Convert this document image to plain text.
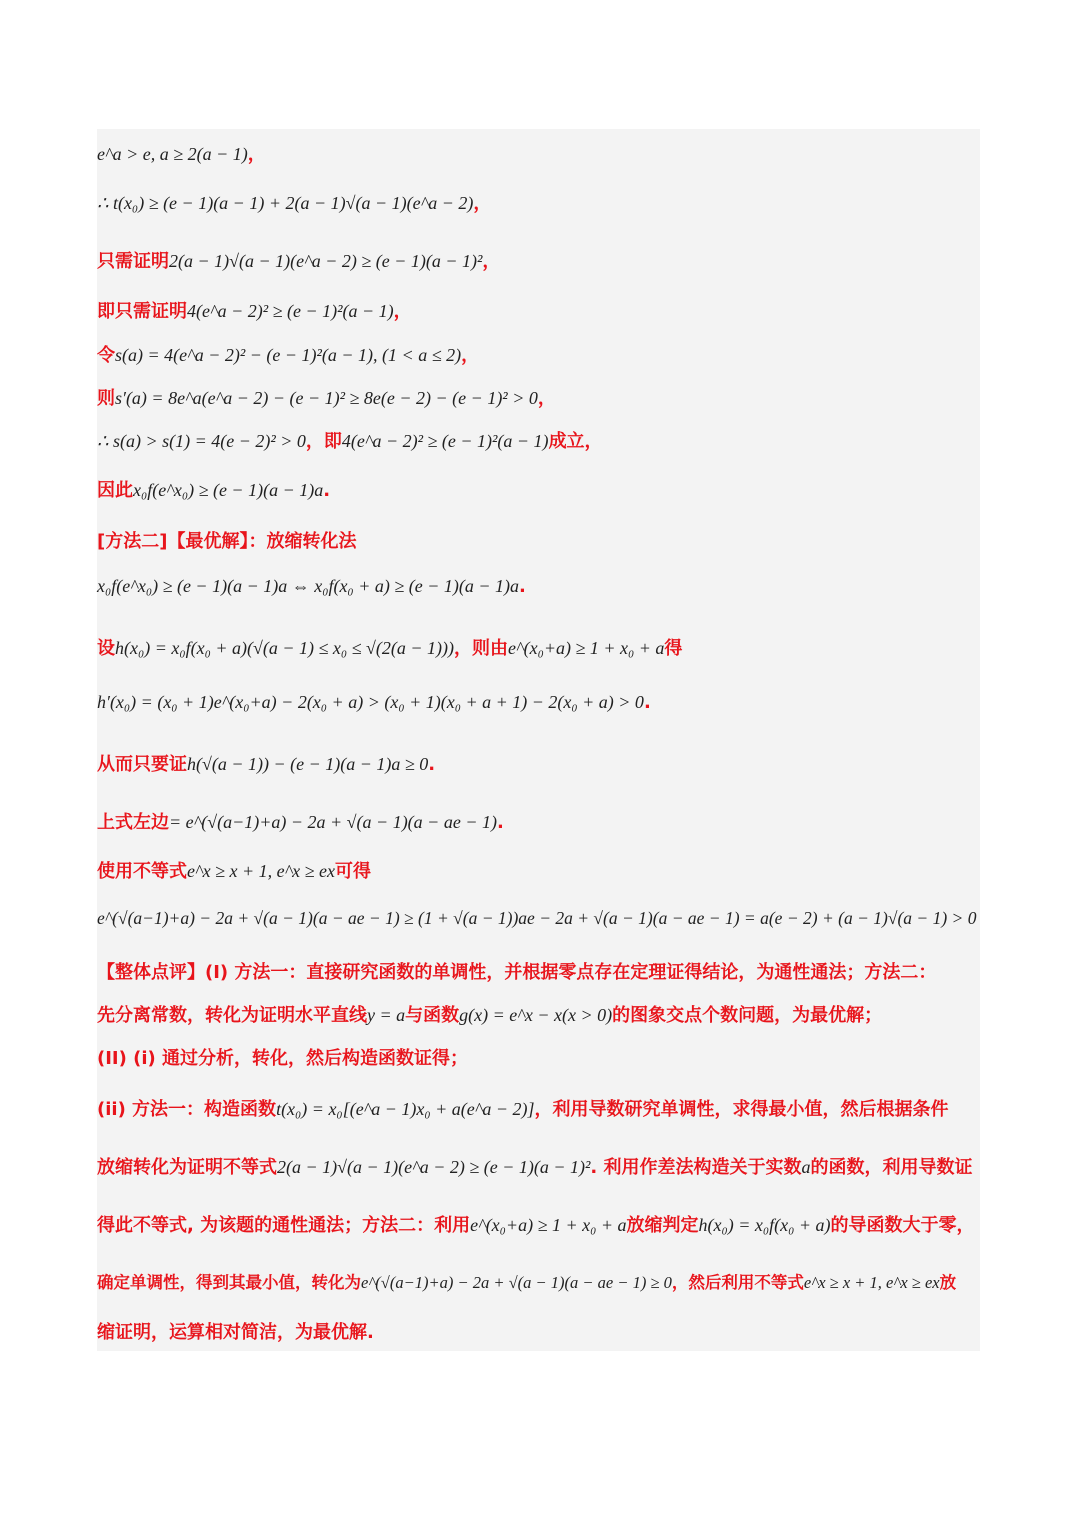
e^a > e, a ≥ 2(a − 1)，
∴ t(x₀) ≥ (e − 1)(a − 1) + 2(a − 1)√(a − 1)(e^a − 2)，
只需证明2(a − 1)√(a − 1)(e^a − 2) ≥ (e − 1)(a − 1)²，
即只需证明4(e^a − 2)² ≥ (e − 1)²(a − 1)，
令s(a) = 4(e^a − 2)² − (e − 1)²(a − 1), (1 < a ≤ 2)，
则s′(a) = 8e^a(e^a − 2) − (e − 1)² ≥ 8e(e − 2) − (e − 1)² > 0，
∴ s(a) > s(1) = 4(e − 2)² > 0，即4(e^a − 2)² ≥ (e − 1)²(a − 1)成立，
因此x₀f(e^x₀) ≥ (e − 1)(a − 1)a.
[方法二]【最优解】：放缩转化法
x₀f(e^x₀) ≥ (e − 1)(a − 1)a ⇔ x₀f(x₀ + a) ≥ (e − 1)(a − 1)a.
设h(x₀) = x₀f(x₀ + a)(√(a − 1) ≤ x₀ ≤ √(2(a − 1)))，则由e^(x₀+a) ≥ 1 + x₀ + a得
h′(x₀) = (x₀ + 1)e^(x₀+a) − 2(x₀ + a) > (x₀ + 1)(x₀ + a + 1) − 2(x₀ + a) > 0.
从而只要证h(√(a − 1)) − (e − 1)(a − 1)a ≥ 0.
上式左边= e^(√(a−1)+a) − 2a + √(a − 1)(a − ae − 1).
使用不等式e^x ≥ x + 1, e^x ≥ ex可得
e^(√(a−1)+a) − 2a + √(a − 1)(a − ae − 1) ≥ (1 + √(a − 1))ae − 2a + √(a − 1)(a − ae − 1) = a(e − 2) + (a − 1)√(a − 1) > 0
【整体点评】(I) 方法一：直接研究函数的单调性，并根据零点存在定理证得结论，为通性通法；方法二：
先分离常数，转化为证明水平直线y = a与函数g(x) = e^x − x(x > 0)的图象交点个数问题，为最优解；
(II) (i) 通过分析，转化，然后构造函数证得；
(ii) 方法一：构造函数t(x₀) = x₀[(e^a − 1)x₀ + a(e^a − 2)]，利用导数研究单调性，求得最小值，然后根据条件
放缩转化为证明不等式2(a − 1)√(a − 1)(e^a − 2) ≥ (e − 1)(a − 1)². 利用作差法构造关于实数a的函数，利用导数证
得此不等式, 为该题的通性通法；方法二：利用e^(x₀+a) ≥ 1 + x₀ + a放缩判定h(x₀) = x₀f(x₀ + a)的导函数大于零，
确定单调性，得到其最小值，转化为e^(√(a−1)+a) − 2a + √(a − 1)(a − ae − 1) ≥ 0，然后利用不等式e^x ≥ x + 1, e^x ≥ ex放
缩证明，运算相对简洁，为最优解.
